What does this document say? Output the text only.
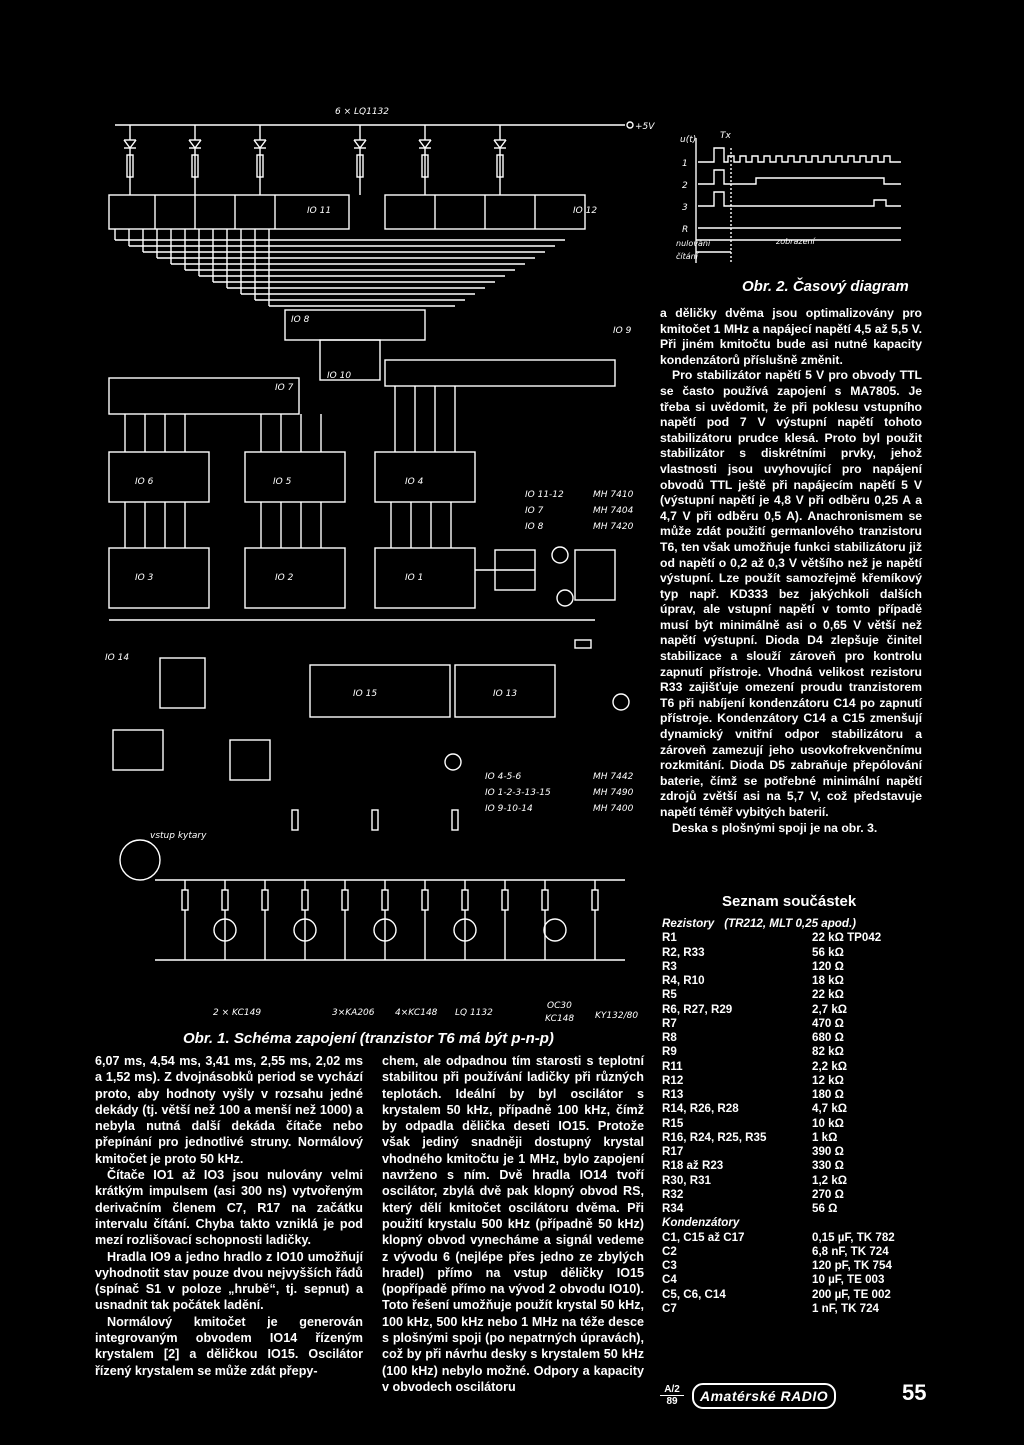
+5V
6 × LQ1132
IO 11	IO 12
IO 8
IO 7
IO 10
IO 9
IO 6	IO 5	IO 4
IO 3	IO 2	IO 1
IO 14
IO 15	IO 13
vstup kytary
IO 11-12	MH 7410
IO 7	MH 7404
IO 8	MH 7420
IO 4-5-6	MH 7442
IO 1-2-3-13-15	MH 7490
IO 9-10-14	MH 7400
2 × KC149	3×KA206 4×KC148 LQ 1132
OC30
KC148 KY132/80
u(t)	Tx
1
2
3
R
nulování	zobrazení
čítání
Obr. 2. Časový diagram
Obr. 1. Schéma zapojení (tranzistor T6 má být p-n-p)

6,07 ms, 4,54 ms, 3,41 ms, 2,55 ms, 2,02 ms a 1,52 ms). Z dvojnásobků period se vychází proto, aby hodnoty vyšly v rozsahu jedné dekády (tj. větší než 100 a menší než 1000) a nebyla nutná další dekáda čítače nebo přepínání pro jednotlivé struny. Normálový kmitočet je proto 50 kHz.

Čítače IO1 až IO3 jsou nulovány velmi krátkým impulsem (asi 300 ns) vytvořeným derivačním členem C7, R17 na začátku intervalu čítání. Chyba takto vzniklá je pod mezí rozlišovací schopnosti ladičky.

Hradla IO9 a jedno hradlo z IO10 umožňují vyhodnotit stav pouze dvou nejvyšších řádů (spínač S1 v poloze „hrubě“, tj. sepnut) a usnadnit tak počátek ladění.

Normálový kmitočet je generován integrovaným obvodem IO14 řízeným krystalem [2] a děličkou IO15. Oscilátor řízený krystalem se může zdát přepy-

chem, ale odpadnou tím starosti s teplotní stabilitou při používání ladičky při různých teplotách. Ideální by byl oscilátor s krystalem 50 kHz, případně 100 kHz, čímž by odpadla dělička deseti IO15. Protože však jediný snadněji dostupný krystal vhodného kmitočtu je 1 MHz, bylo zapojení navrženo s ním. Dvě hradla IO14 tvoří oscilátor, zbylá dvě pak klopný obvod RS, který dělí kmitočet oscilátoru dvěma. Při použití krystalu 500 kHz (případně 50 kHz) klopný obvod vynecháme a signál vedeme z vývodu 6 (nejlépe přes jedno ze zbylých hradel) přímo na vstup děličky IO15 (popřípadě přímo na vývod 2 obvodu IO10). Toto řešení umožňuje použít krystal 50 kHz, 100 kHz, 500 kHz nebo 1 MHz na téže desce s plošnými spoji (po nepatrných úpravách), což by při návrhu desky s krystalem 50 kHz (100 kHz) nebylo možné. Odpory a kapacity v obvodech oscilátoru

a děličky dvěma jsou optimalizovány pro kmitočet 1 MHz a napájecí napětí 4,5 až 5,5 V. Při jiném kmitočtu bude asi nutné kapacity kondenzátorů příslušně změnit.

Pro stabilizátor napětí 5 V pro obvody TTL se často používá zapojení s MA7805. Je třeba si uvědomit, že při poklesu vstupního napětí pod 7 V výstupní napětí tohoto stabilizátoru prudce klesá. Proto byl použit stabilizátor s diskrétními prvky, jehož vlastnosti jsou uvyhovující pro napájení obvodů TTL ještě při napájecím napětí 5 V (výstupní napětí je 4,8 V při odběru 0,25 A a 4,7 V při odběru 0,5 A). Anachronismem se může zdát použití germanlového tranzistoru T6, ten však umožňuje funkci stabilizátoru již od napětí o 0,2 až 0,3 V většího než je napětí výstupní. Lze použít samozřejmě křemíkový typ např. KD333 bez jakýchkoli dalších úprav, ale vstupní napětí v tomto případě musí být minimálně asi o 0,65 V větší než napětí výstupní. Dioda D4 zlepšuje činitel stabilizace a slouží zároveň pro kontrolu zapnutí přístroje. Vhodná velikost rezistoru R33 zajišťuje omezení proudu tranzistorem T6 při nabíjení kondenzátoru C14 po zapnutí přístroje. Kondenzátory C14 a C15 zmenšují dynamický vnitřní odpor stabilizátoru a zároveň zamezují jeho usovkofrekvenčnímu rozkmitání. Dioda D5 zabraňuje přepólování baterie, čímž se potřebné minimální napětí zdrojů zvětší asi na 5,7 V, což představuje napětí téměř vybitých baterií.

Deska s plošnými spoji je na obr. 3.

Seznam součástek
Rezistory (TR212, MLT 0,25 apod.)
R1	22 kΩ TP042
R2, R33	56 kΩ
R3	120 Ω
R4, R10	18 kΩ
R5	22 kΩ
R6, R27, R29	2,7 kΩ
R7	470 Ω
R8	680 Ω
R9	82 kΩ
R11	2,2 kΩ
R12	12 kΩ
R13	180 Ω
R14, R26, R28	4,7 kΩ
R15	10 kΩ
R16, R24, R25, R35	1 kΩ
R17	390 Ω
R18 až R23	330 Ω
R30, R31	1,2 kΩ
R32	270 Ω
R34	56 Ω
Kondenzátory
C1, C15 až C17	0,15 µF, TK 782
C2	6,8 nF, TK 724
C3	120 pF, TK 754
C4	10 µF, TE 003
C5, C6, C14	200 µF, TE 002
C7	1 nF, TK 724
A/2
89	Amatérské RADIO	55
